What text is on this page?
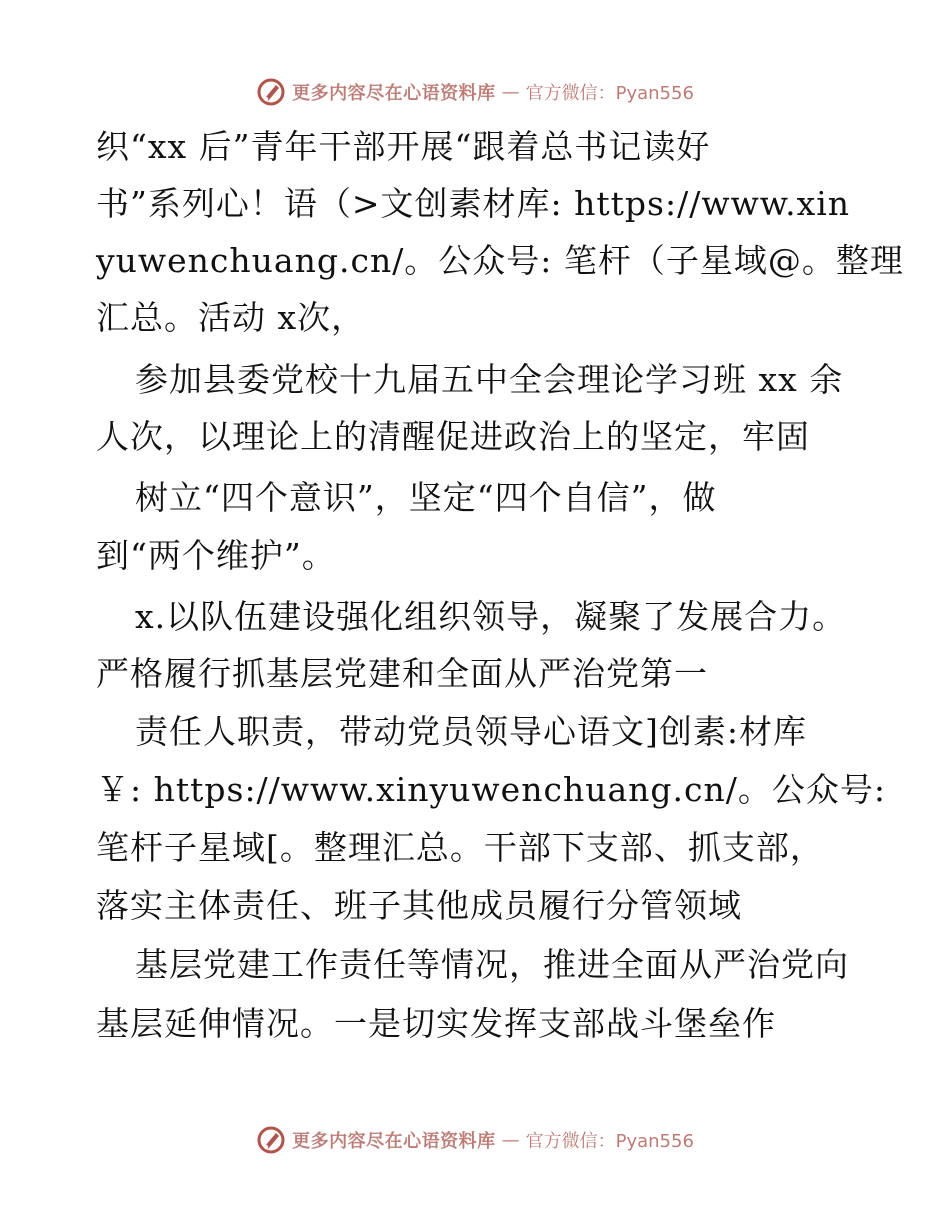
更多内容尽在心语资料库 — 官方微信：Pyan556
织“xx 后”青年干部开展“跟着总书记读好
书”系列心！语（>文创素材库: https://www.xin
yuwenchuang.cn/。公众号: 笔杆（子星域@。整理
汇总。活动 x次，
参加县委党校十九届五中全会理论学习班 xx 余
人次，以理论上的清醒促进政治上的坚定，牢固
树立“四个意识”，坚定“四个自信”，做
到“两个维护”。
x.以队伍建设强化组织领导，凝聚了发展合力。
严格履行抓基层党建和全面从严治党第一
责任人职责，带动党员领导心语文]创素:材库
￥: https://www.xinyuwenchuang.cn/。公众号:
笔杆子星域[。整理汇总。干部下支部、抓支部，
落实主体责任、班子其他成员履行分管领域
基层党建工作责任等情况，推进全面从严治党向
基层延伸情况。一是切实发挥支部战斗堡垒作
更多内容尽在心语资料库 — 官方微信：Pyan556
